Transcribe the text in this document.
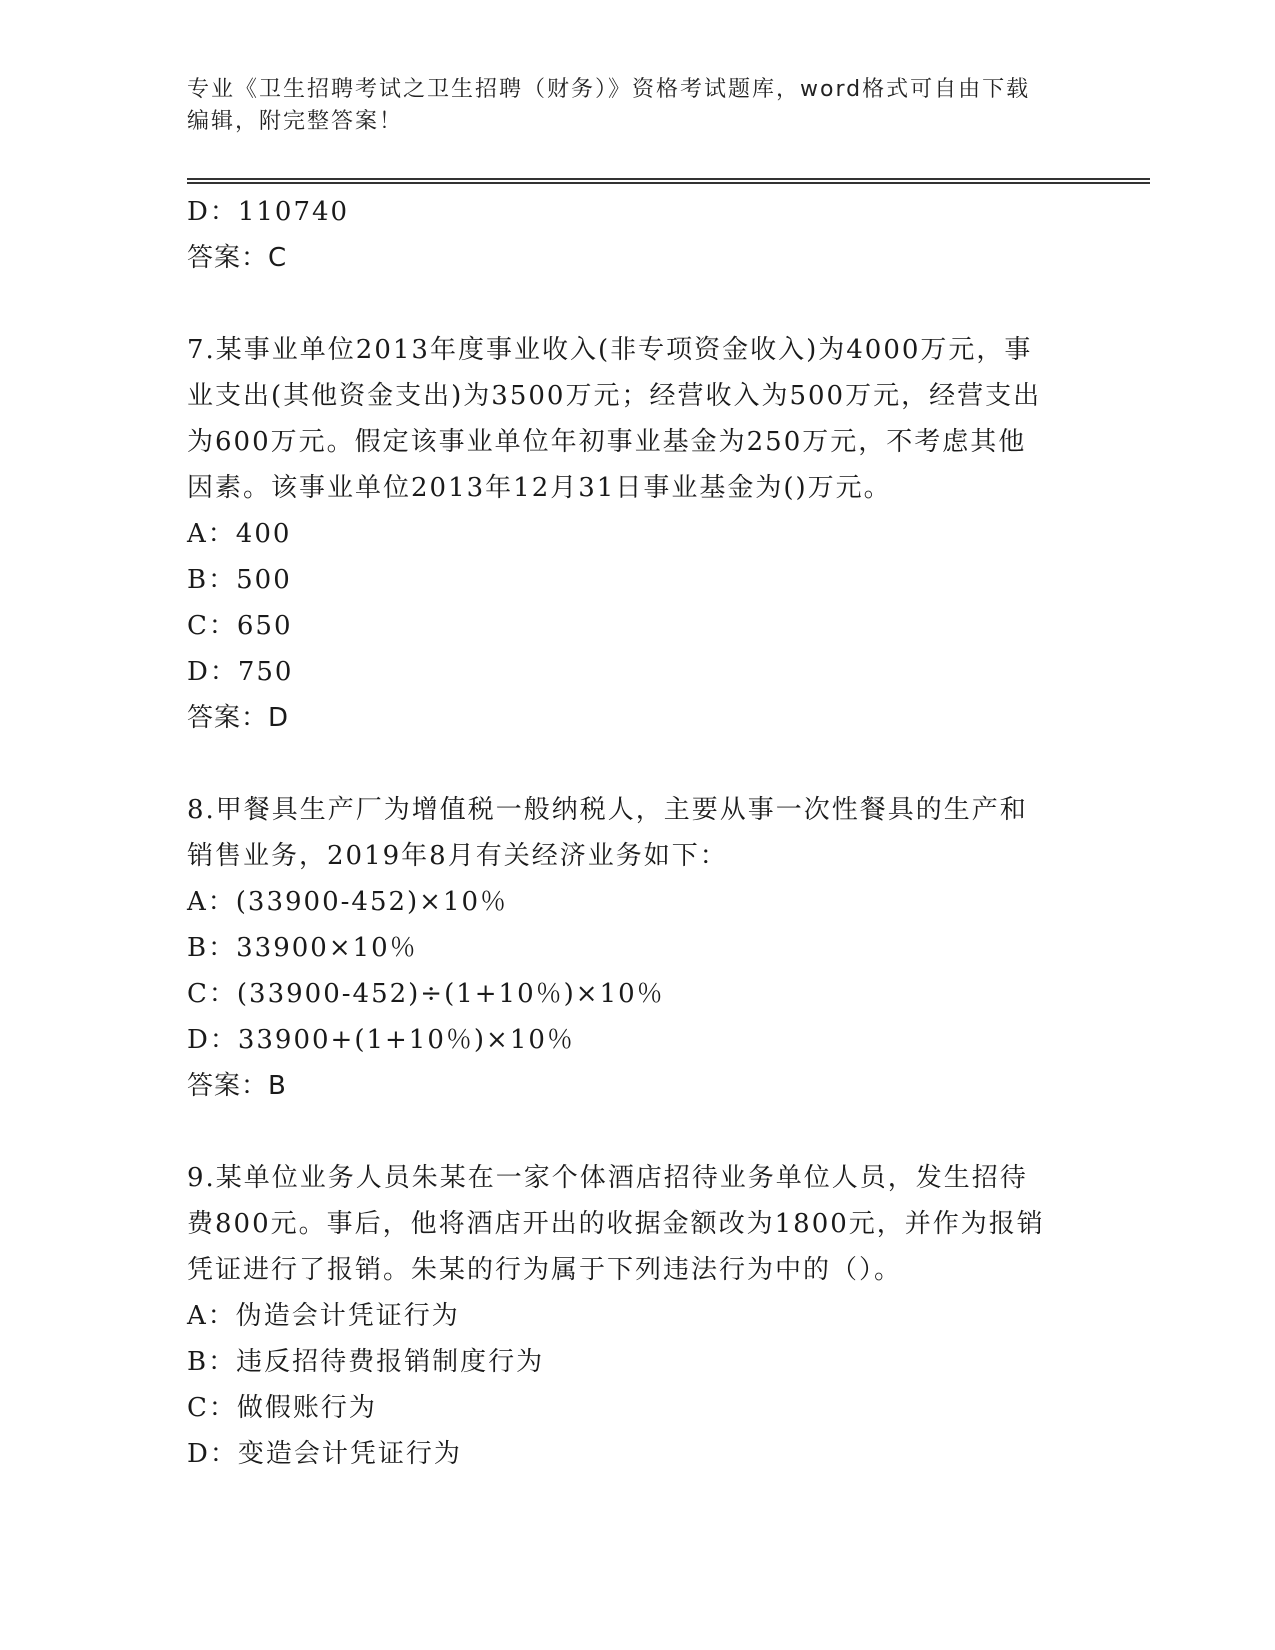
专业《卫生招聘考试之卫生招聘（财务）》资格考试题库，word格式可自由下载
编辑，附完整答案！
D：110740
答案：C
7.某事业单位2013年度事业收入(非专项资金收入)为4000万元，事
业支出(其他资金支出)为3500万元；经营收入为500万元，经营支出
为600万元。假定该事业单位年初事业基金为250万元，不考虑其他
因素。该事业单位2013年12月31日事业基金为()万元。
A：400
B：500
C：650
D：750
答案：D
8.甲餐具生产厂为增值税一般纳税人，主要从事一次性餐具的生产和
销售业务，2019年8月有关经济业务如下：
A：(33900-452)×10％
B：33900×10％
C：(33900-452)÷(1+10％)×10％
D：33900+(1+10％)×10％
答案：B
9.某单位业务人员朱某在一家个体酒店招待业务单位人员，发生招待
费800元。事后，他将酒店开出的收据金额改为1800元，并作为报销
凭证进行了报销。朱某的行为属于下列违法行为中的（）。
A：伪造会计凭证行为
B：违反招待费报销制度行为
C：做假账行为
D：变造会计凭证行为
